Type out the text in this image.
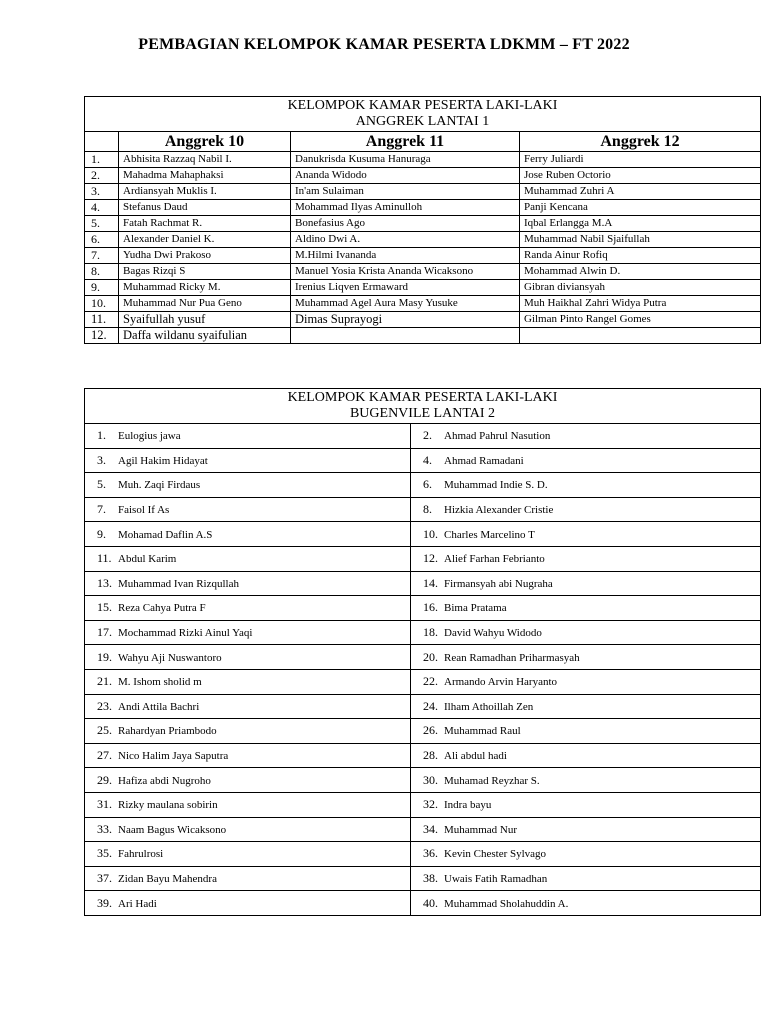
PEMBAGIAN KELOMPOK KAMAR PESERTA LDKMM – FT 2022
KELOMPOK KAMAR PESERTA LAKI-LAKI
ANGGREK LANTAI 1			

	Anggrek 10	Anggrek 11	Anggrek 12
1.	Abhisita Razzaq Nabil I.	Danukrisda Kusuma Hanuraga	Ferry Juliardi
2.	Mahadma Mahaphaksi	Ananda Widodo	Jose Ruben Octorio
3.	Ardiansyah Muklis I.	In'am Sulaiman	Muhammad Zuhri A
4.	Stefanus Daud	Mohammad Ilyas Aminulloh	Panji Kencana
5.	Fatah Rachmat R.	Bonefasius Ago	Iqbal Erlangga M.A
6.	Alexander Daniel K.	Aldino Dwi A.	Muhammad Nabil Sjaifullah
7.	Yudha Dwi Prakoso	M.Hilmi Ivananda	Randa Ainur Rofiq
8.	Bagas Rizqi S	Manuel Yosia Krista Ananda Wicaksono	Mohammad Alwin D.
9.	Muhammad Ricky M.	Irenius Liqven Ermaward	Gibran diviansyah
10.	Muhammad Nur Pua Geno	Muhammad Agel Aura Masy Yusuke	Muh Haikhal Zahri Widya Putra
11.	Syaifullah yusuf	Dimas Suprayogi	Gilman Pinto Rangel Gomes
12.	Daffa wildanu syaifulian		
KELOMPOK KAMAR PESERTA LAKI-LAKI
BUGENVILE LANTAI 2	

1. Eulogius jawa	2. Ahmad Pahrul Nasution
3. Agil Hakim Hidayat	4. Ahmad Ramadani
5. Muh. Zaqi Firdaus	6. Muhammad Indie S. D.
7. Faisol If As	8. Hizkia Alexander Cristie
9. Mohamad Daflin A.S	10. Charles Marcelino T
11. Abdul Karim	12. Alief Farhan Febrianto
13. Muhammad Ivan Rizqullah	14. Firmansyah abi Nugraha
15. Reza Cahya Putra F	16. Bima Pratama
17. Mochammad Rizki Ainul Yaqi	18. David Wahyu Widodo
19. Wahyu Aji Nuswantoro	20. Rean Ramadhan Priharmasyah
21. M. Ishom sholid m	22. Armando Arvin Haryanto
23. Andi Attila Bachri	24. Ilham Athoillah Zen
25. Rahardyan Priambodo	26. Muhammad Raul
27. Nico Halim Jaya Saputra	28. Ali abdul hadi
29. Hafiza abdi Nugroho	30. Muhamad Reyzhar S.
31. Rizky maulana sobirin	32. Indra bayu
33. Naam Bagus Wicaksono	34. Muhammad Nur
35. Fahrulrosi	36. Kevin Chester Sylvago
37. Zidan Bayu Mahendra	38. Uwais Fatih Ramadhan
39. Ari Hadi	40. Muhammad Sholahuddin A.
